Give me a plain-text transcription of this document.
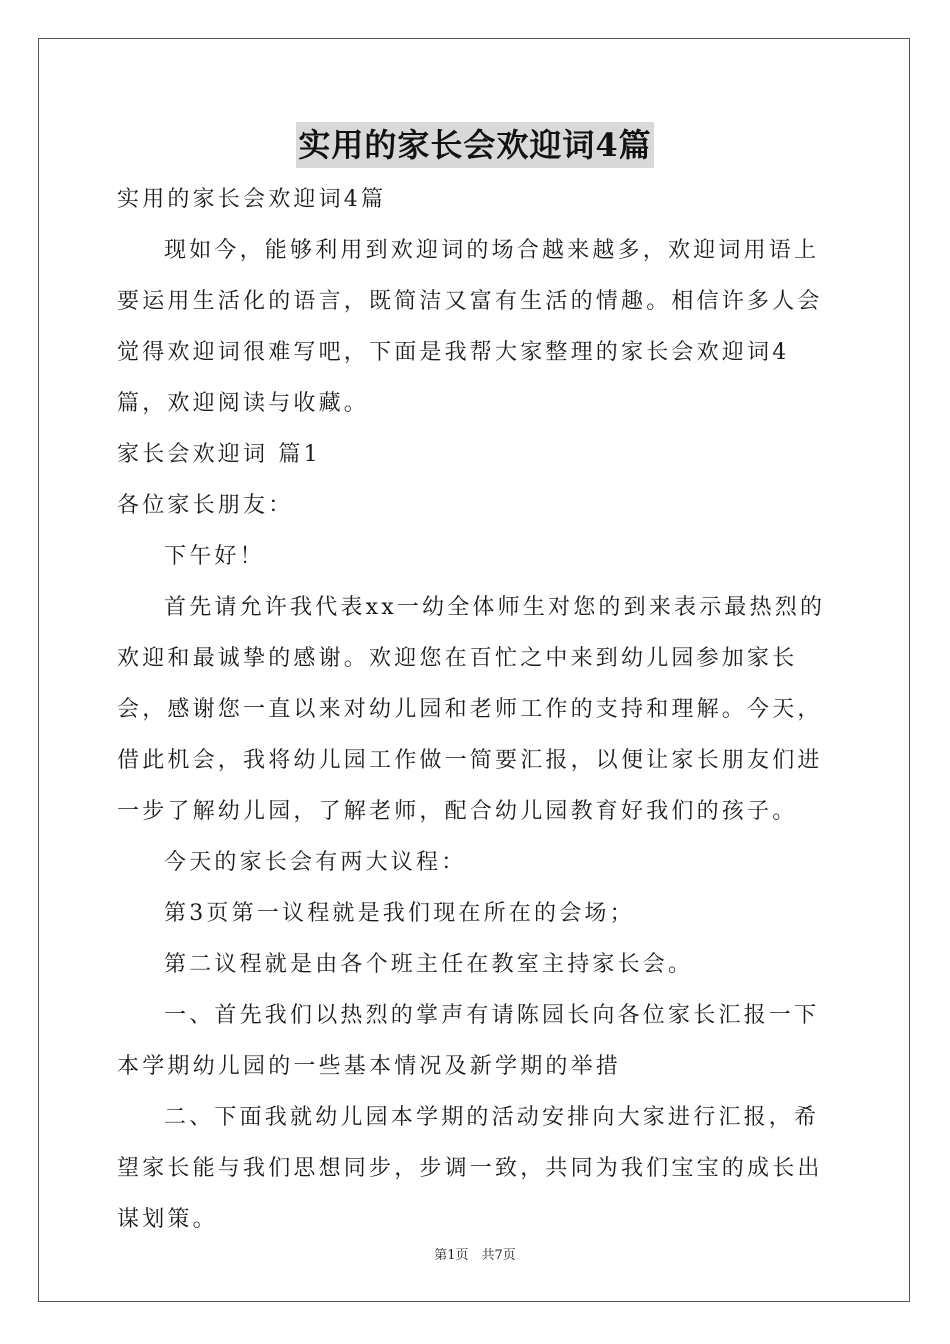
实用的家长会欢迎词4篇

实用的家长会欢迎词4篇

现如今，能够利用到欢迎词的场合越来越多，欢迎词用语上要运用生活化的语言，既简洁又富有生活的情趣。相信许多人会觉得欢迎词很难写吧，下面是我帮大家整理的家长会欢迎词4篇，欢迎阅读与收藏。

家长会欢迎词 篇1

各位家长朋友：

下午好！

首先请允许我代表xx一幼全体师生对您的到来表示最热烈的欢迎和最诚挚的感谢。欢迎您在百忙之中来到幼儿园参加家长会，感谢您一直以来对幼儿园和老师工作的支持和理解。今天，借此机会，我将幼儿园工作做一简要汇报，以便让家长朋友们进一步了解幼儿园，了解老师，配合幼儿园教育好我们的孩子。

今天的家长会有两大议程：

第3页第一议程就是我们现在所在的会场；

第二议程就是由各个班主任在教室主持家长会。

一、首先我们以热烈的掌声有请陈园长向各位家长汇报一下本学期幼儿园的一些基本情况及新学期的举措

二、下面我就幼儿园本学期的活动安排向大家进行汇报，希望家长能与我们思想同步，步调一致，共同为我们宝宝的成长出谋划策。

第1页　共7页
